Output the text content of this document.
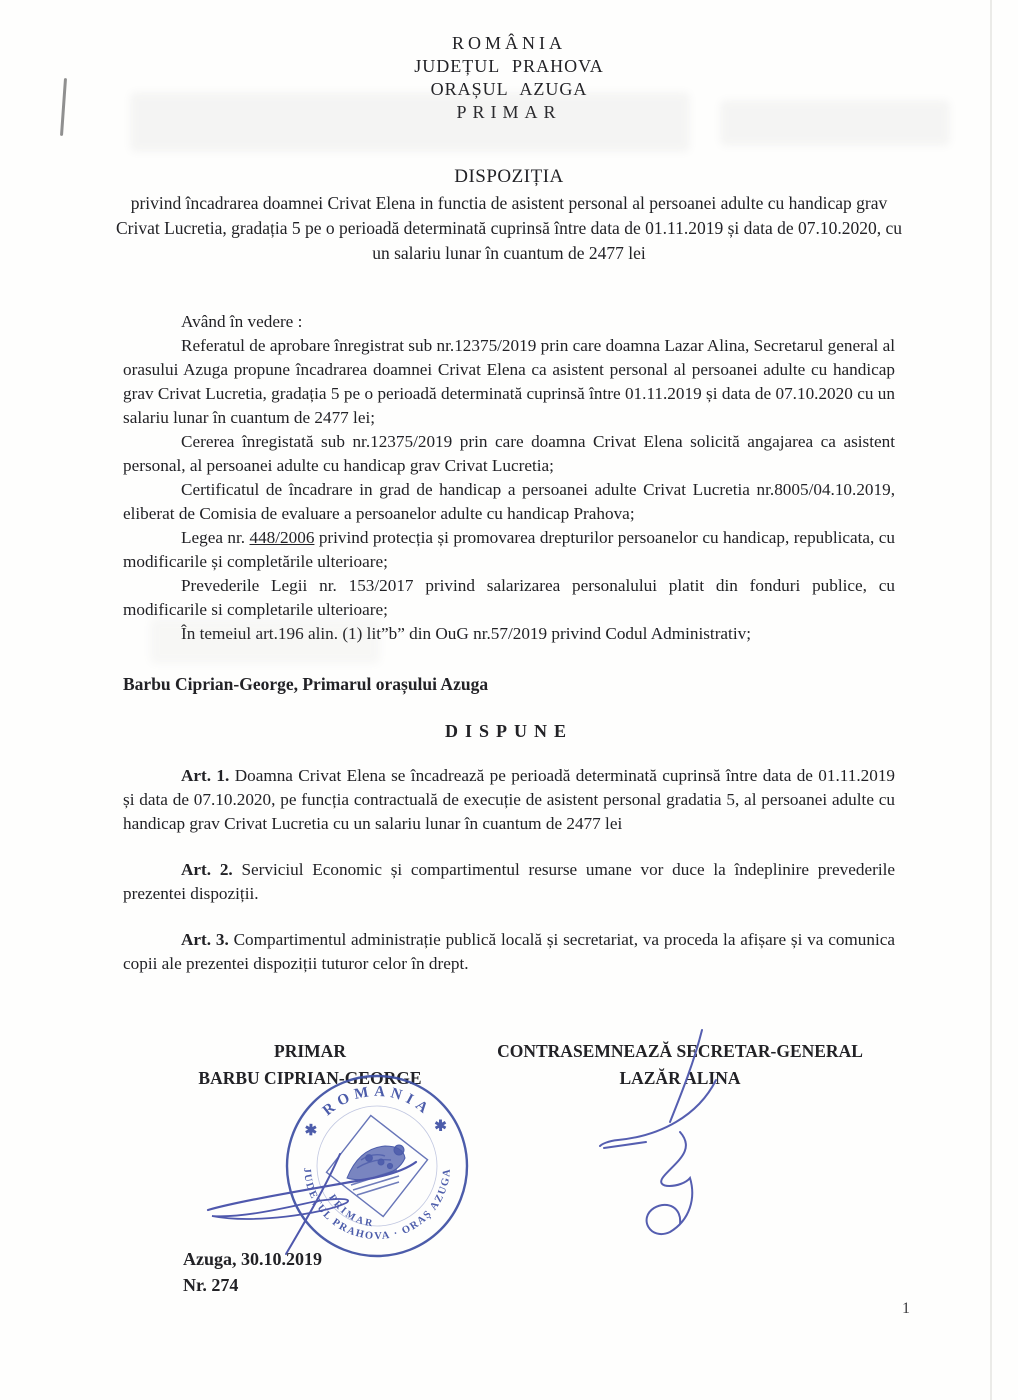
ROMÂNIA
JUDEȚUL PRAHOVA
ORAȘUL AZUGA
PRIMAR
DISPOZIȚIA
privind încadrarea doamnei Crivat Elena in functia de asistent personal al persoanei adulte cu handicap grav Crivat Lucretia, gradația 5 pe o perioadă determinată cuprinsă între data de 01.11.2019 și data de 07.10.2020, cu un salariu lunar în cuantum de 2477 lei

Având în vedere :

Referatul de aprobare înregistrat sub nr.12375/2019 prin care doamna Lazar Alina, Secretarul general al orasului Azuga propune încadrarea doamnei Crivat Elena ca asistent personal al persoanei adulte cu handicap grav Crivat Lucretia, gradația 5 pe o perioadă determinată cuprinsă între 01.11.2019 și data de 07.10.2020 cu un salariu lunar în cuantum de 2477 lei;

Cererea înregistată sub nr.12375/2019 prin care doamna Crivat Elena solicită angajarea ca asistent personal, al persoanei adulte cu handicap grav Crivat Lucretia;

Certificatul de încadrare in grad de handicap a persoanei adulte Crivat Lucretia nr.8005/04.10.2019, eliberat de Comisia de evaluare a persoanelor adulte cu handicap Prahova;

Legea nr. 448/2006 privind protecția și promovarea drepturilor persoanelor cu handicap, republicata, cu modificarile și completările ulterioare;

Prevederile Legii nr. 153/2017 privind salarizarea personalului platit din fonduri publice, cu modificarile si completarile ulterioare;

În temeiul art.196 alin. (1) lit”b” din OuG nr.57/2019 privind Codul Administrativ;

Barbu Ciprian-George, Primarul orașului Azuga
DISPUNE

Art. 1. Doamna Crivat Elena se încadrează pe perioadă determinată cuprinsă între data de 01.11.2019 și data de 07.10.2020, pe funcția contractuală de execuție de asistent personal gradatia 5, al persoanei adulte cu handicap grav Crivat Lucretia cu un salariu lunar în cuantum de 2477 lei

Art. 2. Serviciul Economic și compartimentul resurse umane vor duce la îndeplinire prevederile prezentei dispoziții.

Art. 3. Compartimentul administrație publică locală și secretariat, va proceda la afișare și va comunica copii ale prezentei dispoziții tuturor celor în drept.

PRIMAR
BARBU CIPRIAN-GEORGE
CONTRASEMNEAZĂ SECRETAR-GENERAL
LAZĂR ALINA
✱ ROMANIA ✱
JUDEȚUL PRAHOVA · ORAȘ AZUGA
PRIMAR
Azuga, 30.10.2019
Nr. 274
1
